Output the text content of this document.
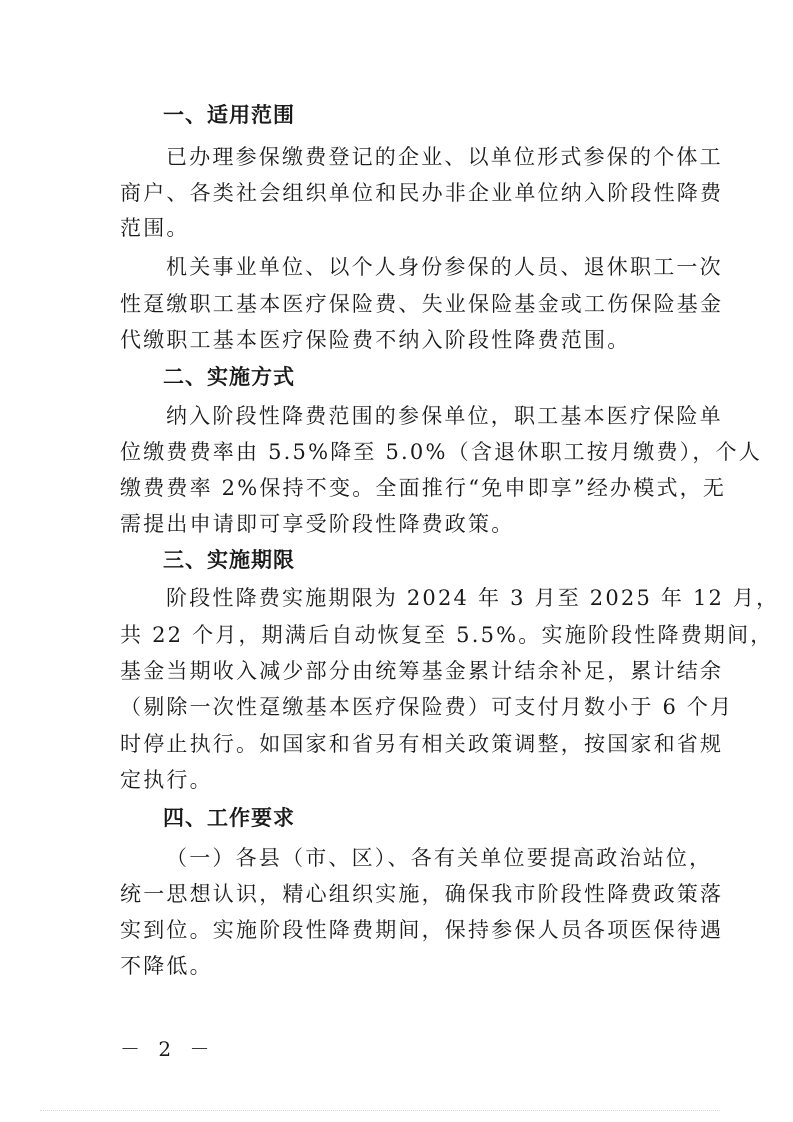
一、适用范围
已办理参保缴费登记的企业、以单位形式参保的个体工
商户、各类社会组织单位和民办非企业单位纳入阶段性降费
范围。
机关事业单位、以个人身份参保的人员、退休职工一次
性趸缴职工基本医疗保险费、失业保险基金或工伤保险基金
代缴职工基本医疗保险费不纳入阶段性降费范围。
二、实施方式
纳入阶段性降费范围的参保单位，职工基本医疗保险单
位缴费费率由 5.5%降至 5.0%（含退休职工按月缴费），个人
缴费费率 2%保持不变。全面推行“免申即享”经办模式，无
需提出申请即可享受阶段性降费政策。
三、实施期限
阶段性降费实施期限为 2024 年 3 月至 2025 年 12 月，
共 22 个月，期满后自动恢复至 5.5%。实施阶段性降费期间，
基金当期收入减少部分由统筹基金累计结余补足，累计结余
（剔除一次性趸缴基本医疗保险费）可支付月数小于 6 个月
时停止执行。如国家和省另有相关政策调整，按国家和省规
定执行。
四、工作要求
（一）各县（市、区）、各有关单位要提高政治站位，
统一思想认识，精心组织实施，确保我市阶段性降费政策落
实到位。实施阶段性降费期间，保持参保人员各项医保待遇
不降低。
－ 2 －
